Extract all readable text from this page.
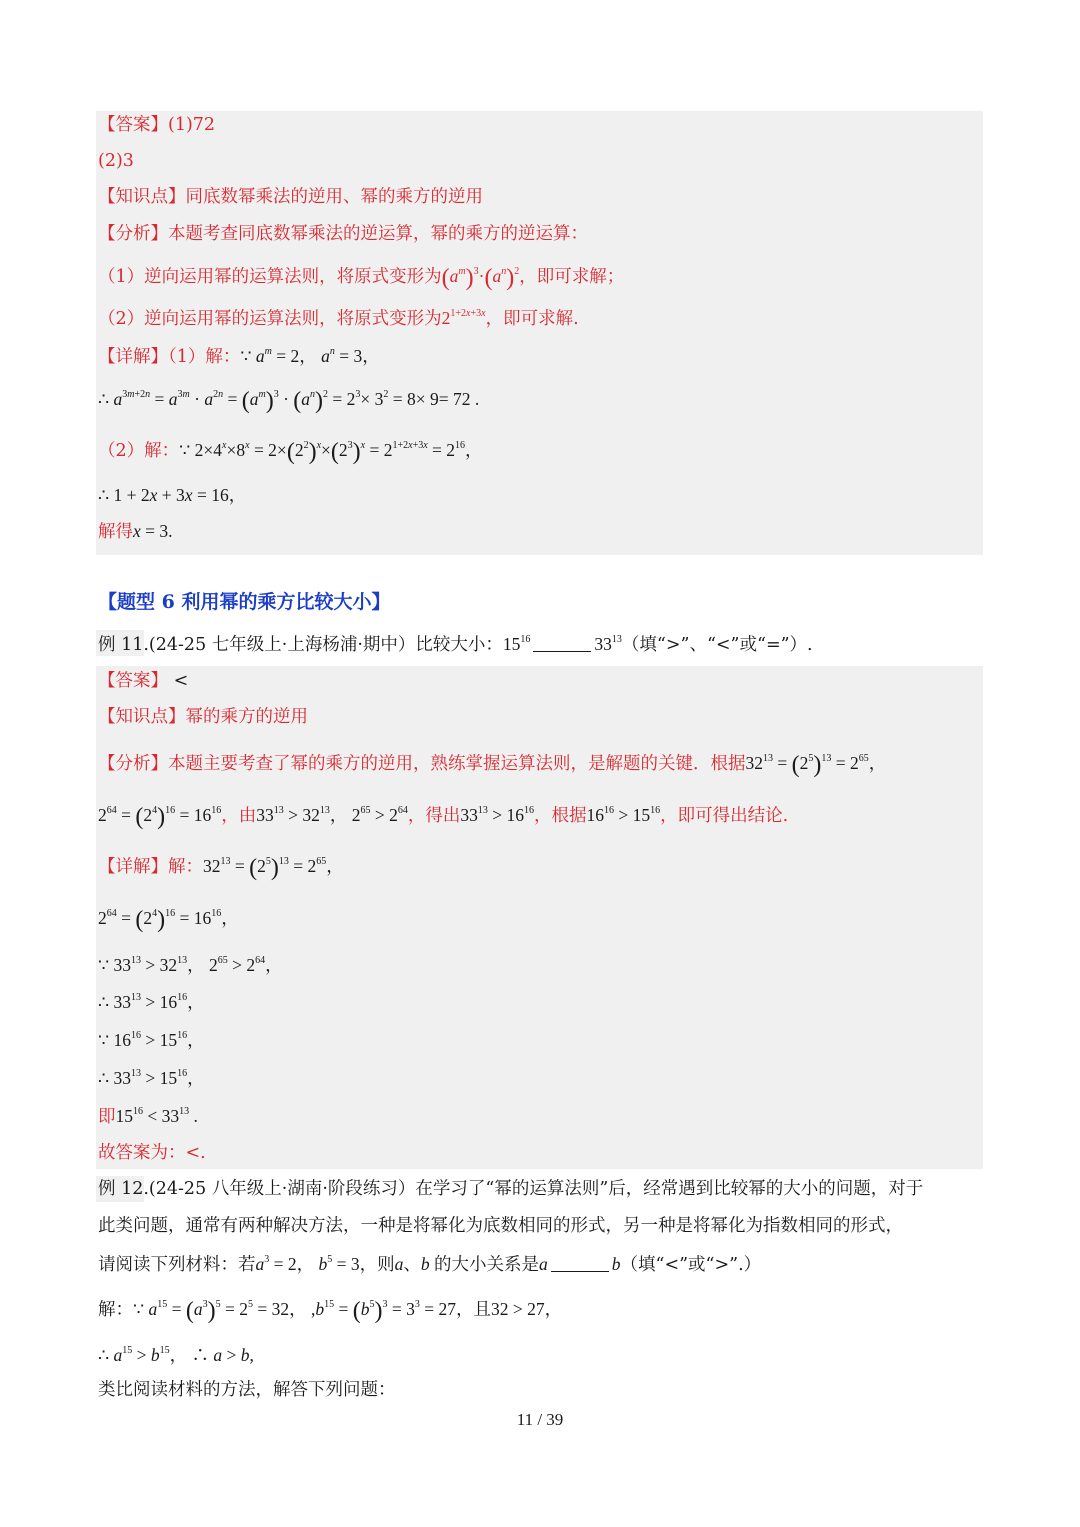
【答案】(1)72
(2)3
【知识点】同底数幂乘法的逆用、幂的乘方的逆用
【分析】本题考查同底数幂乘法的逆运算，幂的乘方的逆运算：
（1）逆向运用幂的运算法则，将原式变形为$(a^m)^3\cdot(a^n)^2$，即可求解；
（2）逆向运用幂的运算法则，将原式变形为$2^{1+2x+3x}$，即可求解.
【详解】（1）解：∵ $a^m = 2$， $a^n = 3$，
∴ $a^{3m+2n} = a^{3m} \cdot a^{2n} = (a^m)^3 \cdot (a^n)^2 = 2^3\times 3^2 = 8\times 9= 72$ .
（2）解：∵ $2\times 4^x\times 8^x = 2\times(2^2)^x\times(2^3)^x = 2^{1+2x+3x} = 2^{16}$，
∴ 1 + 2x + 3x = 16，
解得x = 3.
【题型 6 利用幂的乘方比较大小】
例 11.(24-25 七年级上·上海杨浦·期中）比较大小：$15^{16}$	$33^{13}$（填“>”、“<”或“=”）.
【答案】 <
【知识点】幂的乘方的逆用
【分析】本题主要考查了幂的乘方的逆用，熟练掌握运算法则，是解题的关键．根据$32^{13} = (2^5)^{13} = 2^{65}$，
$2^{64} = (2^4)^{16} = 16^{16}$，由$33^{13} > 32^{13}$， $2^{65} > 2^{64}$，得出$33^{13} > 16^{16}$，根据$16^{16} > 15^{16}$，即可得出结论.
【详解】解：$32^{13} = (2^5)^{13} = 2^{65}$，
$2^{64} = (2^4)^{16} = 16^{16}$，
∵ $33^{13} > 32^{13}$， $2^{65} > 2^{64}$，
∴ $33^{13} > 16^{16}$，
∵ $16^{16} > 15^{16}$，
∴ $33^{13} > 15^{16}$，
即$15^{16} < 33^{13}$ .
故答案为：<.
例 12.(24-25 八年级上·湖南·阶段练习）在学习了“幂的运算法则”后，经常遇到比较幂的大小的问题，对于
此类问题，通常有两种解决方法，一种是将幂化为底数相同的形式，另一种是将幂化为指数相同的形式，
请阅读下列材料：若$a^3 = 2$， $b^5 = 3$，则a、b 的大小关系是a	b（填“<”或“>”.）
解：∵ $a^{15} = (a^3)^5 = 2^5 = 32$， $,b^{15} = (b^5)^3 = 3^3 = 27$，且32 > 27，
∴ $a^{15} > b^{15}$， ∴ a > b,
类比阅读材料的方法，解答下列问题：
11 / 39
